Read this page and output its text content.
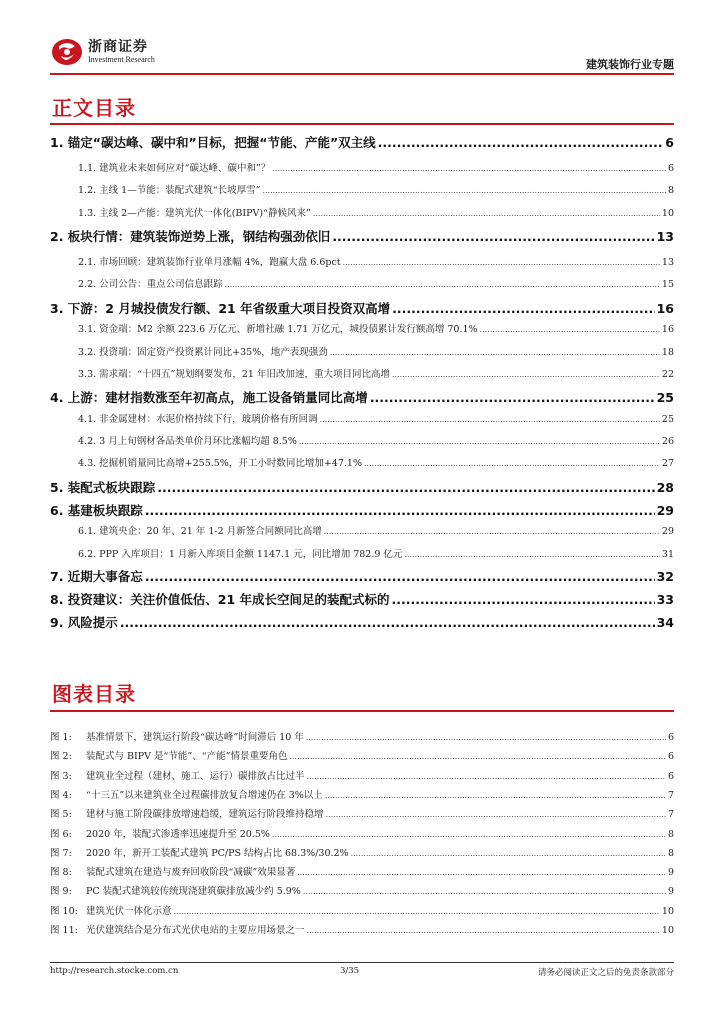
浙商证券
Investment Research	建筑装饰行业专题
正文目录
1. 锚定“碳达峰、碳中和”目标，把握“节能、产能”双主线 .....	6
1.1. 建筑业未来如何应对“碳达峰、碳中和”？ .....	6
1.2. 主线 1—节能：装配式建筑“长坡厚雪” .....	8
1.3. 主线 2—产能：建筑光伏一体化(BIPV)“静候风来” .....	10
2. 板块行情：建筑装饰逆势上涨，钢结构强劲依旧 .....	13
2.1. 市场回顾：建筑装饰行业单月涨幅 4%，跑赢大盘 6.6pct .....	13
2.2. 公司公告：重点公司信息跟踪 .....	15
3. 下游：2 月城投债发行额、21 年省级重大项目投资双高增 .....	16
3.1. 资金端：M2 余额 223.6 万亿元、新增社融 1.71 万亿元，城投债累计发行额高增 70.1% .....	16
3.2. 投资端：固定资产投资累计同比+35%，地产表现强劲 .....	18
3.3. 需求端：“十四五”规划纲要发布，21 年旧改加速，重大项目同比高增 .....	22
4. 上游：建材指数涨至年初高点，施工设备销量同比高增 .....	25
4.1. 非金属建材：水泥价格持续下行，玻璃价格有所回调 .....	25
4.2. 3 月上旬钢材各品类单价月环比涨幅均超 8.5% .....	26
4.3. 挖掘机销量同比高增+255.5%，开工小时数同比增加+47.1% .....	27
5. 装配式板块跟踪 .....	28
6. 基建板块跟踪 .....	29
6.1. 建筑央企：20 年、21 年 1-2 月新签合同额同比高增 .....	29
6.2. PPP 入库项目：1 月新入库项目金额 1147.1 元，同比增加 782.9 亿元 .....	31
7. 近期大事备忘 .....	32
8. 投资建议：关注价值低估、21 年成长空间足的装配式标的 .....	33
9. 风险提示 .....	34
图表目录
图 1:	基准情景下，建筑运行阶段“碳达峰”时间滞后 10 年 .....	6
图 2:	装配式与 BIPV 是“节能”、“产能”情景重要角色 .....	6
图 3:	建筑业全过程（建材、施工、运行）碳排放占比过半 .....	6
图 4:	“十三五”以来建筑业全过程碳排放复合增速仍在 3%以上 .....	7
图 5:	建材与施工阶段碳排放增速趋缓，建筑运行阶段维持稳增 .....	7
图 6:	2020 年，装配式渗透率迅速提升至 20.5% .....	8
图 7:	2020 年，新开工装配式建筑 PC/PS 结构占比 68.3%/30.2% .....	8
图 8:	装配式建筑在建造与废弃回收阶段“减碳”效果显著 .....	9
图 9:	PC 装配式建筑较传统现浇建筑碳排放减少约 5.9% .....	9
图 10: 建筑光伏一体化示意 .....	10
图 11: 光伏建筑结合是分布式光伏电站的主要应用场景之一 .....	10
http://research.stocke.com.cn	3/35	请务必阅读正文之后的免责条款部分
